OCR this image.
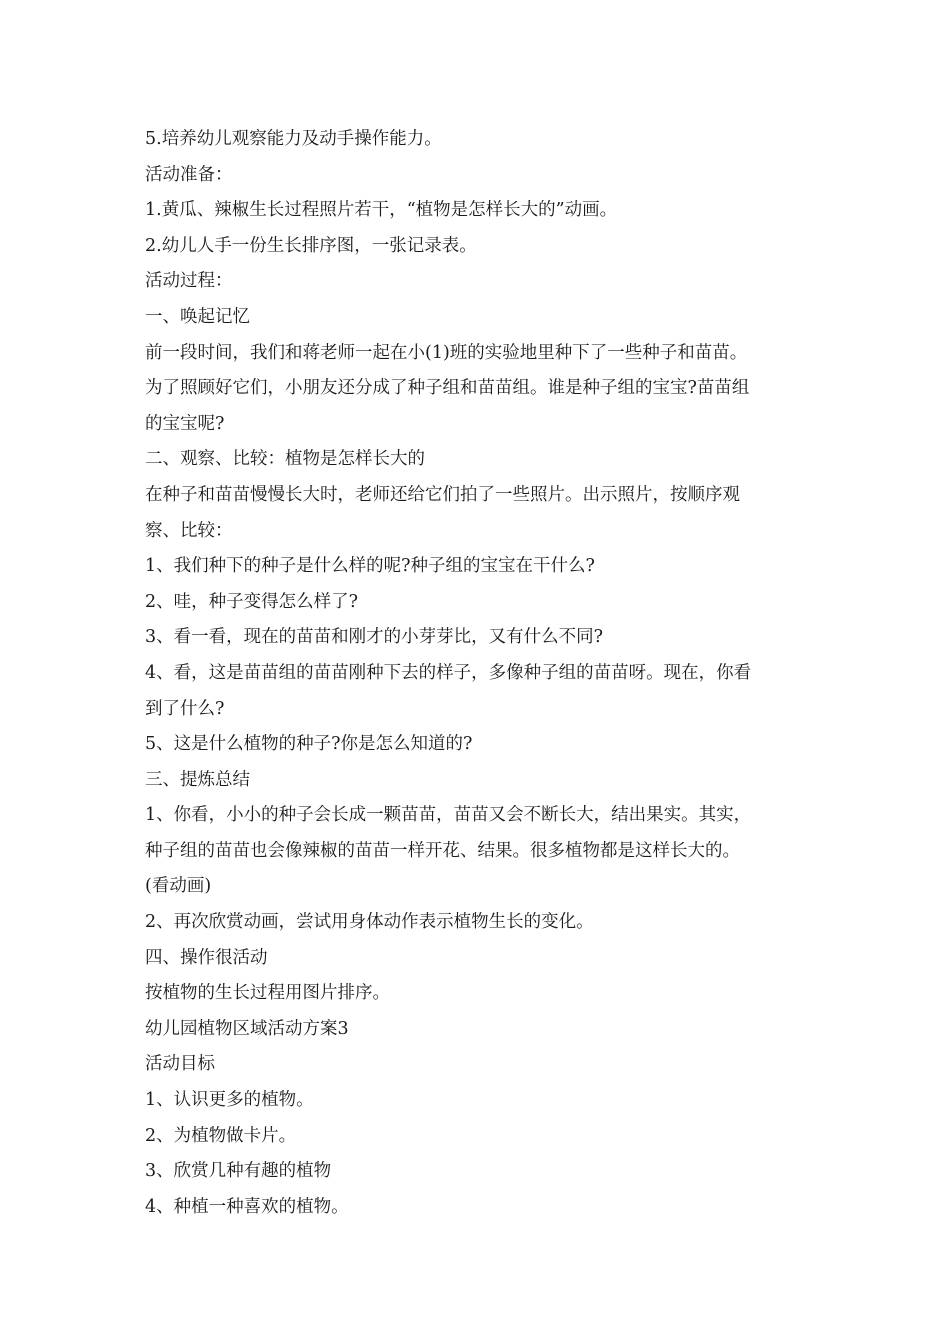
5.培养幼儿观察能力及动手操作能力。

活动准备：

1.黄瓜、辣椒生长过程照片若干，“植物是怎样长大的”动画。

2.幼儿人手一份生长排序图，一张记录表。

活动过程：

一、唤起记忆

前一段时间，我们和蒋老师一起在小(1)班的实验地里种下了一些种子和苗苗。

为了照顾好它们，小朋友还分成了种子组和苗苗组。谁是种子组的宝宝?苗苗组

的宝宝呢?

二、观察、比较：植物是怎样长大的

在种子和苗苗慢慢长大时，老师还给它们拍了一些照片。出示照片，按顺序观

察、比较：

1、我们种下的种子是什么样的呢?种子组的宝宝在干什么?

2、哇，种子变得怎么样了?

3、看一看，现在的苗苗和刚才的小芽芽比，又有什么不同?

4、看，这是苗苗组的苗苗刚种下去的样子，多像种子组的苗苗呀。现在，你看

到了什么?

5、这是什么植物的种子?你是怎么知道的?

三、提炼总结

1、你看，小小的种子会长成一颗苗苗，苗苗又会不断长大，结出果实。其实，

种子组的苗苗也会像辣椒的苗苗一样开花、结果。很多植物都是这样长大的。

(看动画)

2、再次欣赏动画，尝试用身体动作表示植物生长的变化。

四、操作很活动

按植物的生长过程用图片排序。

幼儿园植物区域活动方案3

活动目标

1、认识更多的植物。

2、为植物做卡片。

3、欣赏几种有趣的植物

4、种植一种喜欢的植物。
